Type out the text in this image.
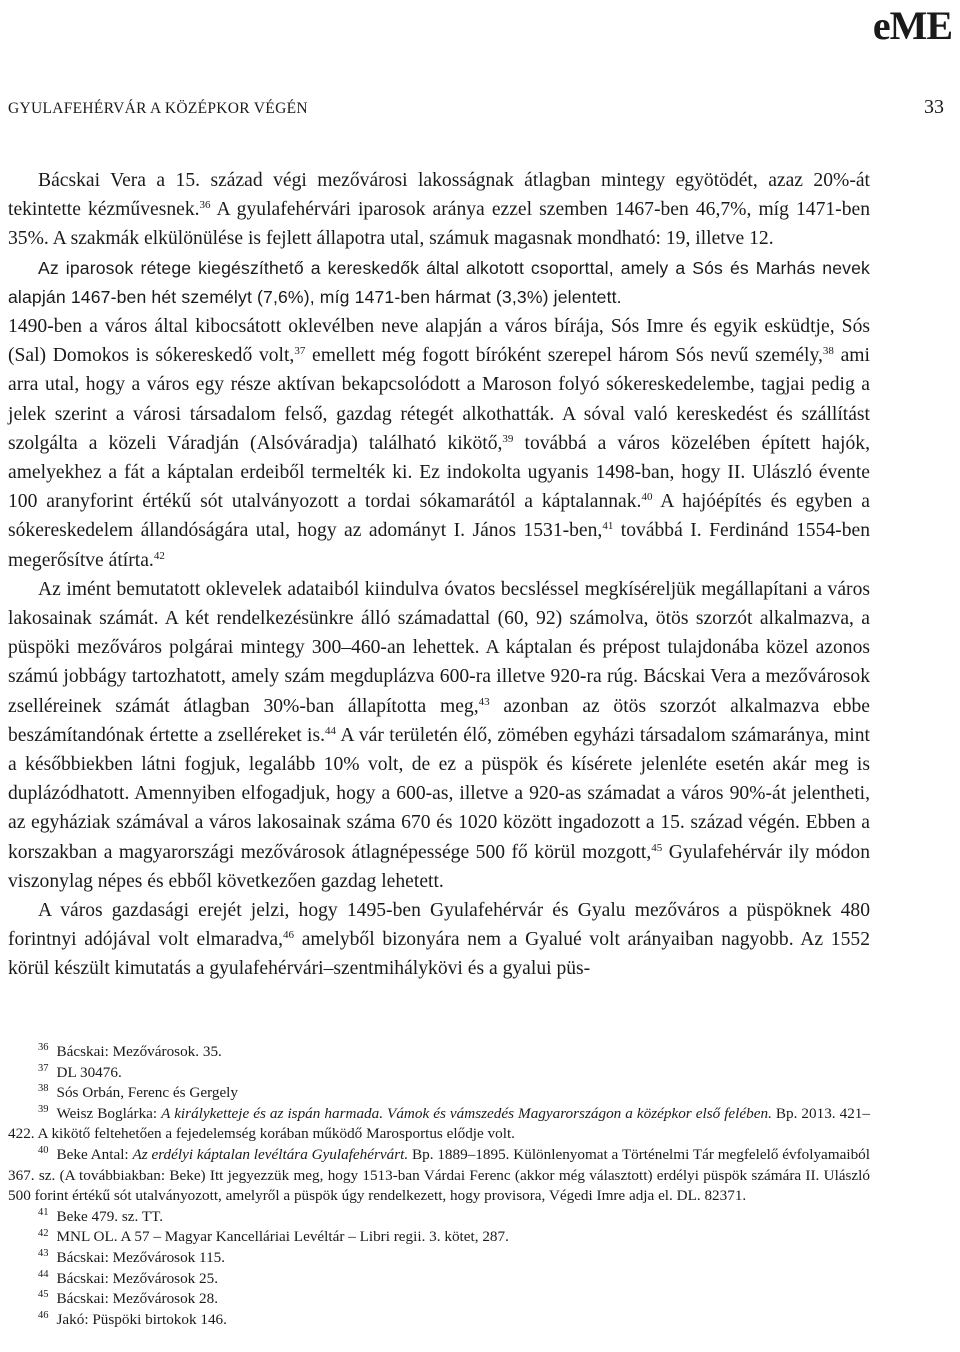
eME
GYULAFEHÉRVÁR A KÖZÉPKOR VÉGÉN	33

Bácskai Vera a 15. század végi mezővárosi lakosságnak átlagban mintegy egyötödét, azaz 20%-át tekintette kézművesnek.$^{36}$ A gyulafehérvári iparosok aránya ezzel szemben 1467-ben 46,7%, míg 1471-ben 35%. A szakmák elkülönülése is fejlett állapotra utal, számuk magasnak mondható: 19, illetve 12.

Az iparosok rétege kiegészíthető a kereskedők által alkotott csoporttal, amely a Sós és Marhás nevek alapján 1467-ben hét személyt (7,6%), míg 1471-ben hármat (3,3%) jelentett.

1490-ben a város által kibocsátott oklevélben neve alapján a város bírája, Sós Imre és egyik esküdtje, Sós (Sal) Domokos is sókereskedő volt,$^{37}$ emellett még fogott bíróként szerepel három Sós nevű személy,$^{38}$ ami arra utal, hogy a város egy része aktívan bekapcsolódott a Maroson folyó sókereskedelembe, tagjai pedig a jelek szerint a városi társadalom felső, gazdag rétegét alkothatták. A sóval való kereskedést és szállítást szolgálta a közeli Váradján (Alsóváradja) található kikötő,$^{39}$ továbbá a város közelében épített hajók, amelyekhez a fát a káptalan erdeiből termelték ki. Ez indokolta ugyanis 1498-ban, hogy II. Ulászló évente 100 aranyforint értékű sót utalványozott a tordai sókamarától a káptalannak.$^{40}$ A hajóépítés és egyben a sókereskedelem állandóságára utal, hogy az adományt I. János 1531-ben,$^{41}$ továbbá I. Ferdinánd 1554-ben megerősítve átírta.$^{42}$

Az imént bemutatott oklevelek adataiból kiindulva óvatos becsléssel megkíséreljük megállapítani a város lakosainak számát. A két rendelkezésünkre álló számadattal (60, 92) számolva, ötös szorzót alkalmazva, a püspöki mezőváros polgárai mintegy 300–460-an lehettek. A káptalan és prépost tulajdonába közel azonos számú jobbágy tartozhatott, amely szám megduplázva 600-ra illetve 920-ra rúg. Bácskai Vera a mezővárosok zselléreinek számát átlagban 30%-ban állapította meg,$^{43}$ azonban az ötös szorzót alkalmazva ebbe beszámítandónak értette a zselléreket is.$^{44}$ A vár területén élő, zömében egyházi társadalom számaránya, mint a későbbiekben látni fogjuk, legalább 10% volt, de ez a püspök és kísérete jelenléte esetén akár meg is duplázódhatott. Amennyiben elfogadjuk, hogy a 600-as, illetve a 920-as számadat a város 90%-át jelentheti, az egyháziak számával a város lakosainak száma 670 és 1020 között ingadozott a 15. század végén. Ebben a korszakban a magyarországi mezővárosok átlagnépessége 500 fő körül mozgott,$^{45}$ Gyulafehérvár ily módon viszonylag népes és ebből következően gazdag lehetett.

A város gazdasági erejét jelzi, hogy 1495-ben Gyulafehérvár és Gyalu mezőváros a püspöknek 480 forintnyi adójával volt elmaradva,$^{46}$ amelyből bizonyára nem a Gyalué volt arányaiban nagyobb. Az 1552 körül készült kimutatás a gyulafehérvári–szentmihálykövi és a gyalui püs-

$^{36}$ Bácskai: Mezővárosok. 35.

$^{37}$ DL 30476.

$^{38}$ Sós Orbán, Ferenc és Gergely

$^{39}$ Weisz Boglárka: A királyketteje és az ispán harmada. Vámok és vámszedés Magyarországon a középkor első felében. Bp. 2013. 421–422. A kikötő feltehetően a fejedelemség korában működő Marosportus elődje volt.

$^{40}$ Beke Antal: Az erdélyi káptalan levéltára Gyulafehérvárt. Bp. 1889–1895. Különlenyomat a Történelmi Tár megfelelő évfolyamaiból 367. sz. (A továbbiakban: Beke) Itt jegyezzük meg, hogy 1513-ban Várdai Ferenc (akkor még választott) erdélyi püspök számára II. Ulászló 500 forint értékű sót utalványozott, amelyről a püspök úgy rendelkezett, hogy provisora, Végedi Imre adja el. DL. 82371.

$^{41}$ Beke 479. sz. TT.

$^{42}$ MNL OL. A 57 – Magyar Kancelláriai Levéltár – Libri regii. 3. kötet, 287.

$^{43}$ Bácskai: Mezővárosok 115.

$^{44}$ Bácskai: Mezővárosok 25.

$^{45}$ Bácskai: Mezővárosok 28.

$^{46}$ Jakó: Püspöki birtokok 146.
